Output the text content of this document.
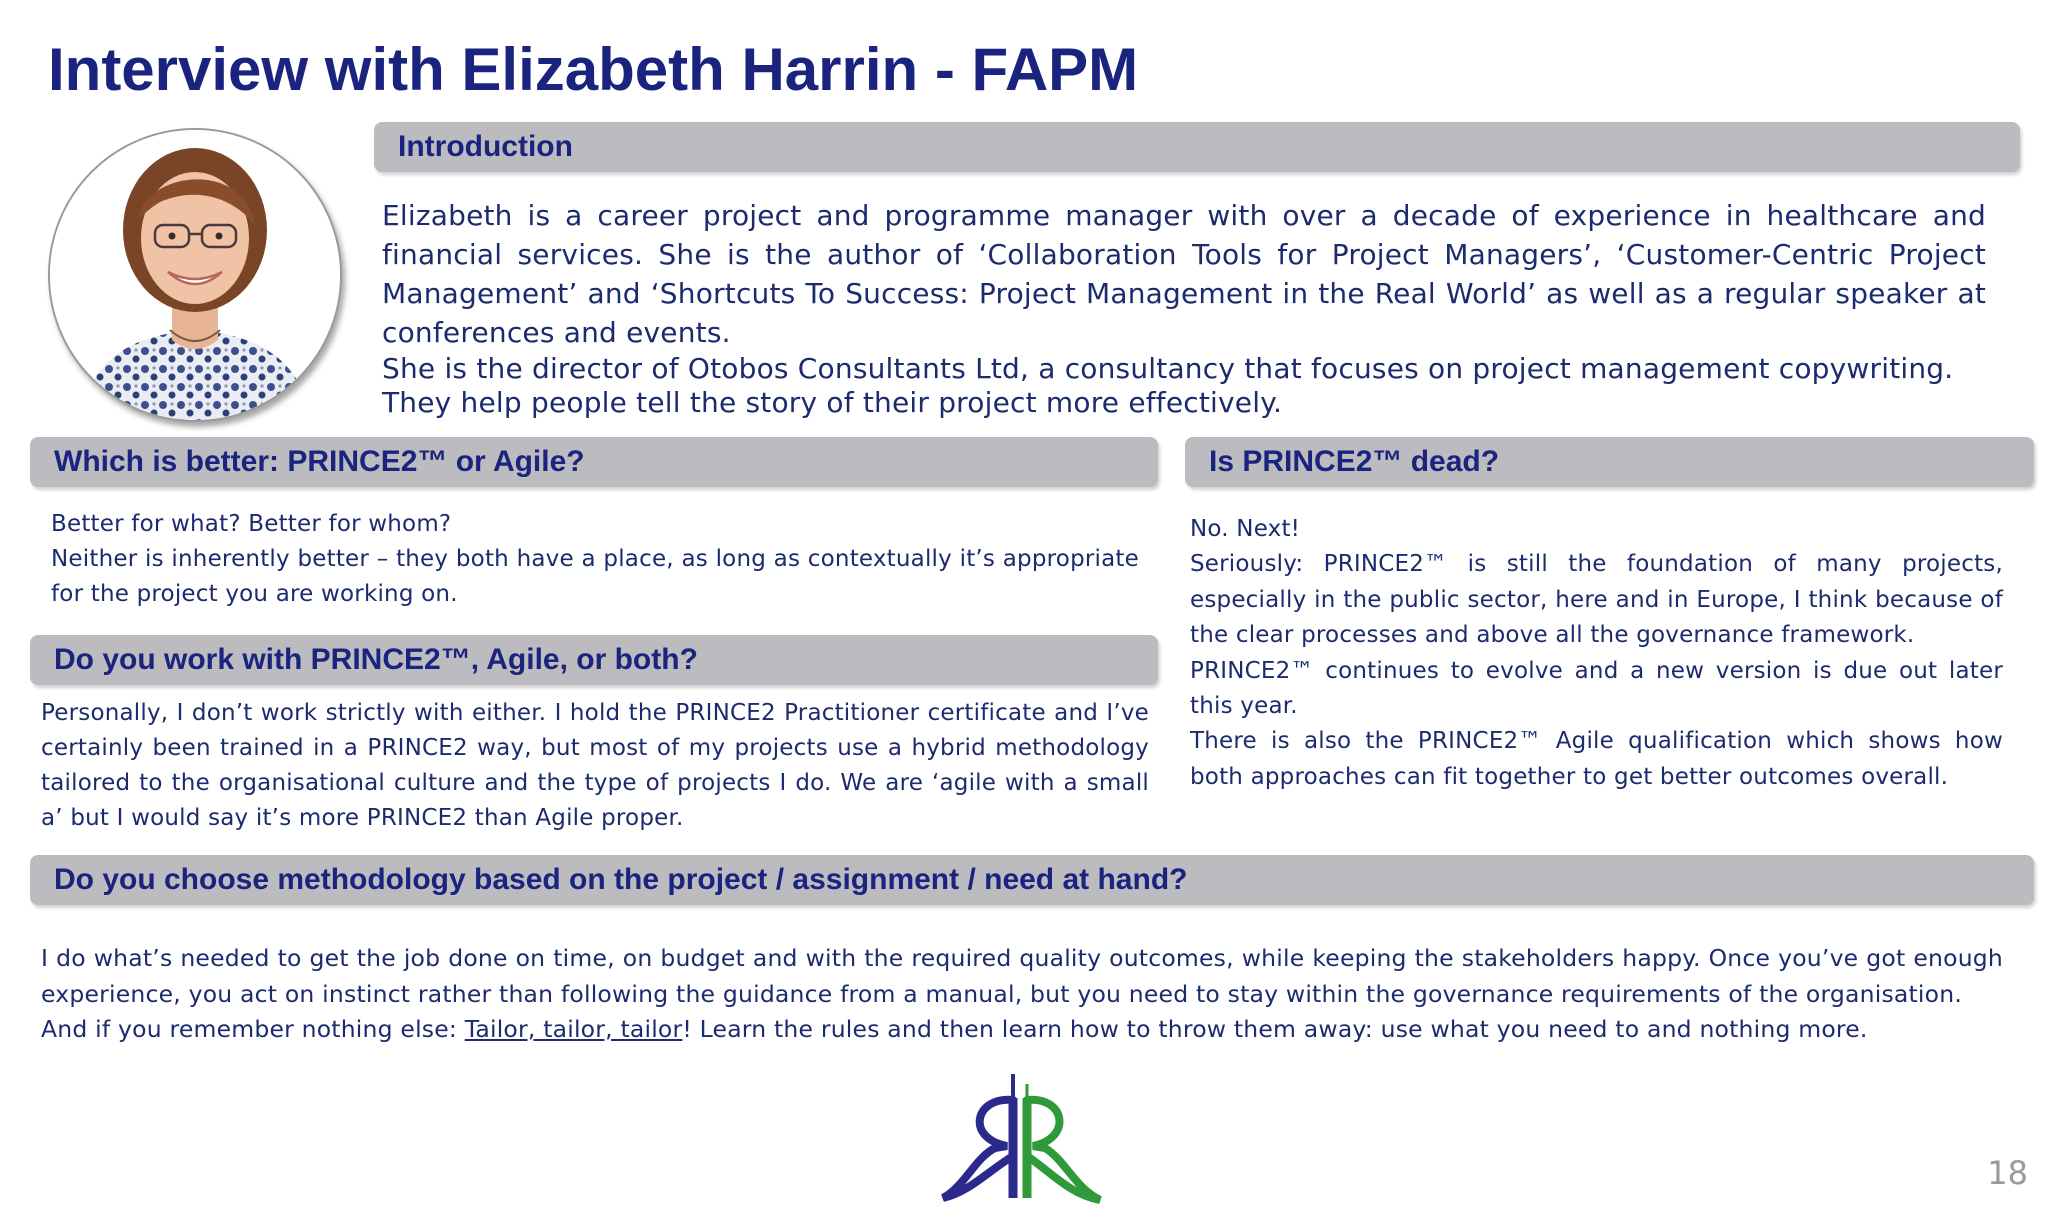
Interview with Elizabeth Harrin - FAPM
Introduction

Elizabeth is a career project and programme manager with over a decade of experience in healthcare and financial services. She is the author of ‘Collaboration Tools for Project Managers’, ‘Customer-Centric Project Management’ and ‘Shortcuts To Success: Project Management in the Real World’ as well as a regular speaker at conferences and events.

She is the director of Otobos Consultants Ltd, a consultancy that focuses on project management copywriting. They help people tell the story of their project more effectively.

Which is better: PRINCE2™ or Agile?

Better for what? Better for whom?

Neither is inherently better – they both have a place, as long as contextually it’s appropriate for the project you are working on.

Do you work with PRINCE2™, Agile, or both?

Personally, I don’t work strictly with either. I hold the PRINCE2 Practitioner certificate and I’ve certainly been trained in a PRINCE2 way, but most of my projects use a hybrid methodology tailored to the organisational culture and the type of projects I do. We are ‘agile with a small a’ but I would say it’s more PRINCE2 than Agile proper.

Is PRINCE2™ dead?

No. Next!

Seriously: PRINCE2™ is still the foundation of many projects, especially in the public sector, here and in Europe, I think because of the clear processes and above all the governance framework.

PRINCE2™ continues to evolve and a new version is due out later this year.

There is also the PRINCE2™ Agile qualification which shows how both approaches can fit together to get better outcomes overall.

Do you choose methodology based on the project / assignment / need at hand?

I do what’s needed to get the job done on time, on budget and with the required quality outcomes, while keeping the stakeholders happy. Once you’ve got enough experience, you act on instinct rather than following the guidance from a manual, but you need to stay within the governance requirements of the organisation.

And if you remember nothing else: Tailor, tailor, tailor! Learn the rules and then learn how to throw them away: use what you need to and nothing more.

18
